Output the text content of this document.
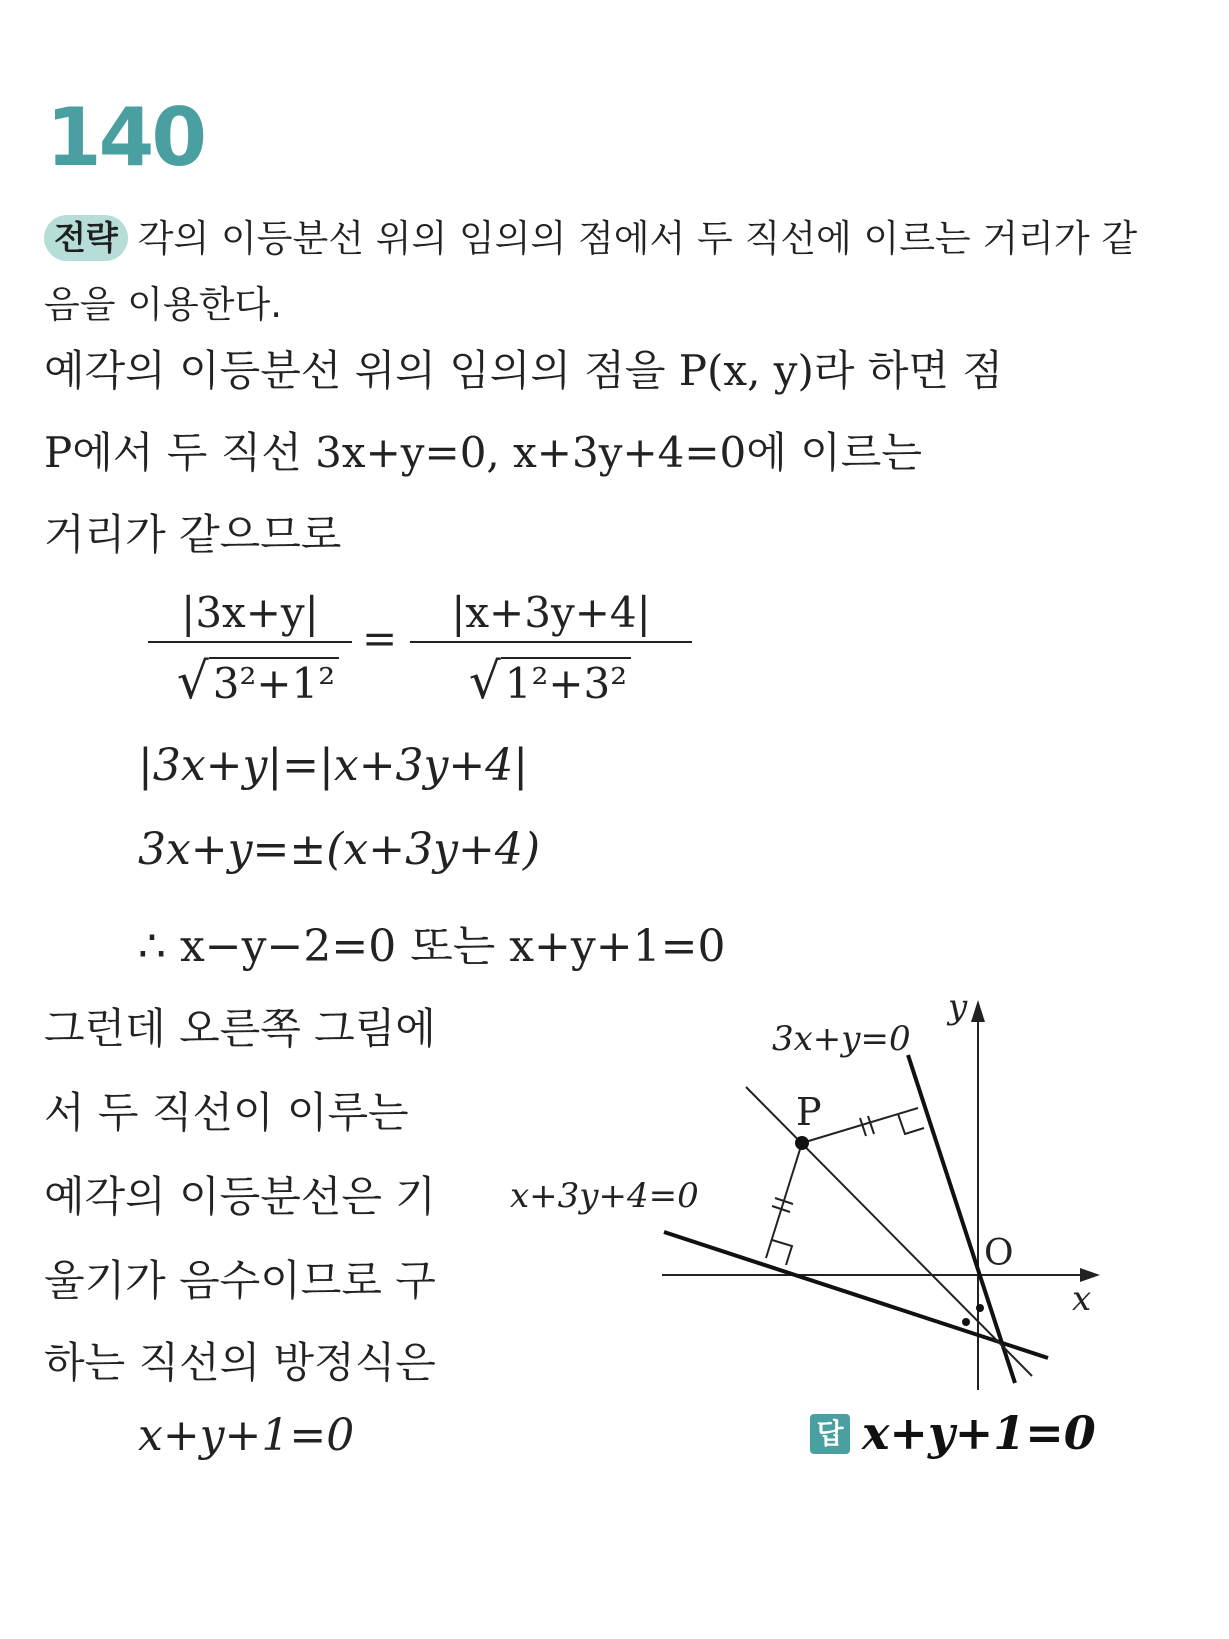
140
전략 각의 이등분선 위의 임의의 점에서 두 직선에 이르는 거리가 같음을 이용한다.
예각의 이등분선 위의 임의의 점을 P(x, y)라 하면 점
P에서 두 직선 3x+y=0, x+3y+4=0에 이르는
거리가 같으므로
|3x+y|
√3²+1²
=
|x+3y+4|
√1²+3²
|3x+y|=|x+3y+4|
3x+y=±(x+3y+4)
∴ x−y−2=0 또는 x+y+1=0
그런데 오른쪽 그림에
서 두 직선이 이루는
예각의 이등분선은 기
울기가 음수이므로 구
하는 직선의 방정식은
x+y+1=0
3x+y=0
x+3y+4=0
P
O
x
y
답 x+y+1=0
